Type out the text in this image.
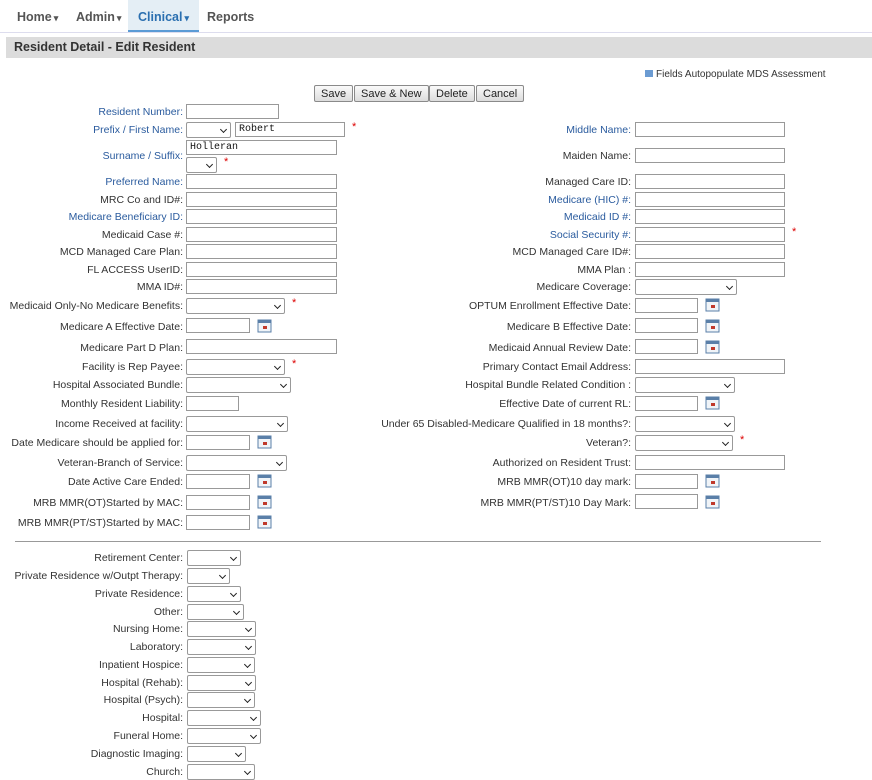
Home ▾	Admin ▾	Clinical ▾	Reports
Resident Detail - Edit Resident
Fields Autopopulate MDS Assessment
Save	Save & New	Delete	Cancel
Resident Number:
Prefix / First Name:	Robert	*
Surname / Suffix:
Holleran
*
Preferred Name:
MRC Co and ID#:
Medicare Beneficiary ID:
Medicaid Case #:
MCD Managed Care Plan:
FL ACCESS UserID:
MMA ID#:
Medicaid Only-No Medicare Benefits:	*
Medicare A Effective Date:
Medicare Part D Plan:
Facility is Rep Payee:	*
Hospital Associated Bundle:
Monthly Resident Liability:
Income Received at facility:
Date Medicare should be applied for:
Veteran-Branch of Service:
Date Active Care Ended:
MRB MMR(OT)Started by MAC:
MRB MMR(PT/ST)Started by MAC:
Middle Name:
Maiden Name:
Managed Care ID:
Medicare (HIC) #:
Medicaid ID #:
Social Security #:	*
MCD Managed Care ID#:
MMA Plan :
Medicare Coverage:
OPTUM Enrollment Effective Date:
Medicare B Effective Date:
Medicaid Annual Review Date:
Primary Contact Email Address:
Hospital Bundle Related Condition :
Effective Date of current RL:
Under 65 Disabled-Medicare Qualified in 18 months?:
Veteran?:	*
Authorized on Resident Trust:
MRB MMR(OT)10 day mark:
MRB MMR(PT/ST)10 Day Mark:
Retirement Center:
Private Residence w/Outpt Therapy:
Private Residence:
Other:
Nursing Home:
Laboratory:
Inpatient Hospice:
Hospital (Rehab):
Hospital (Psych):
Hospital:
Funeral Home:
Diagnostic Imaging:
Church:
